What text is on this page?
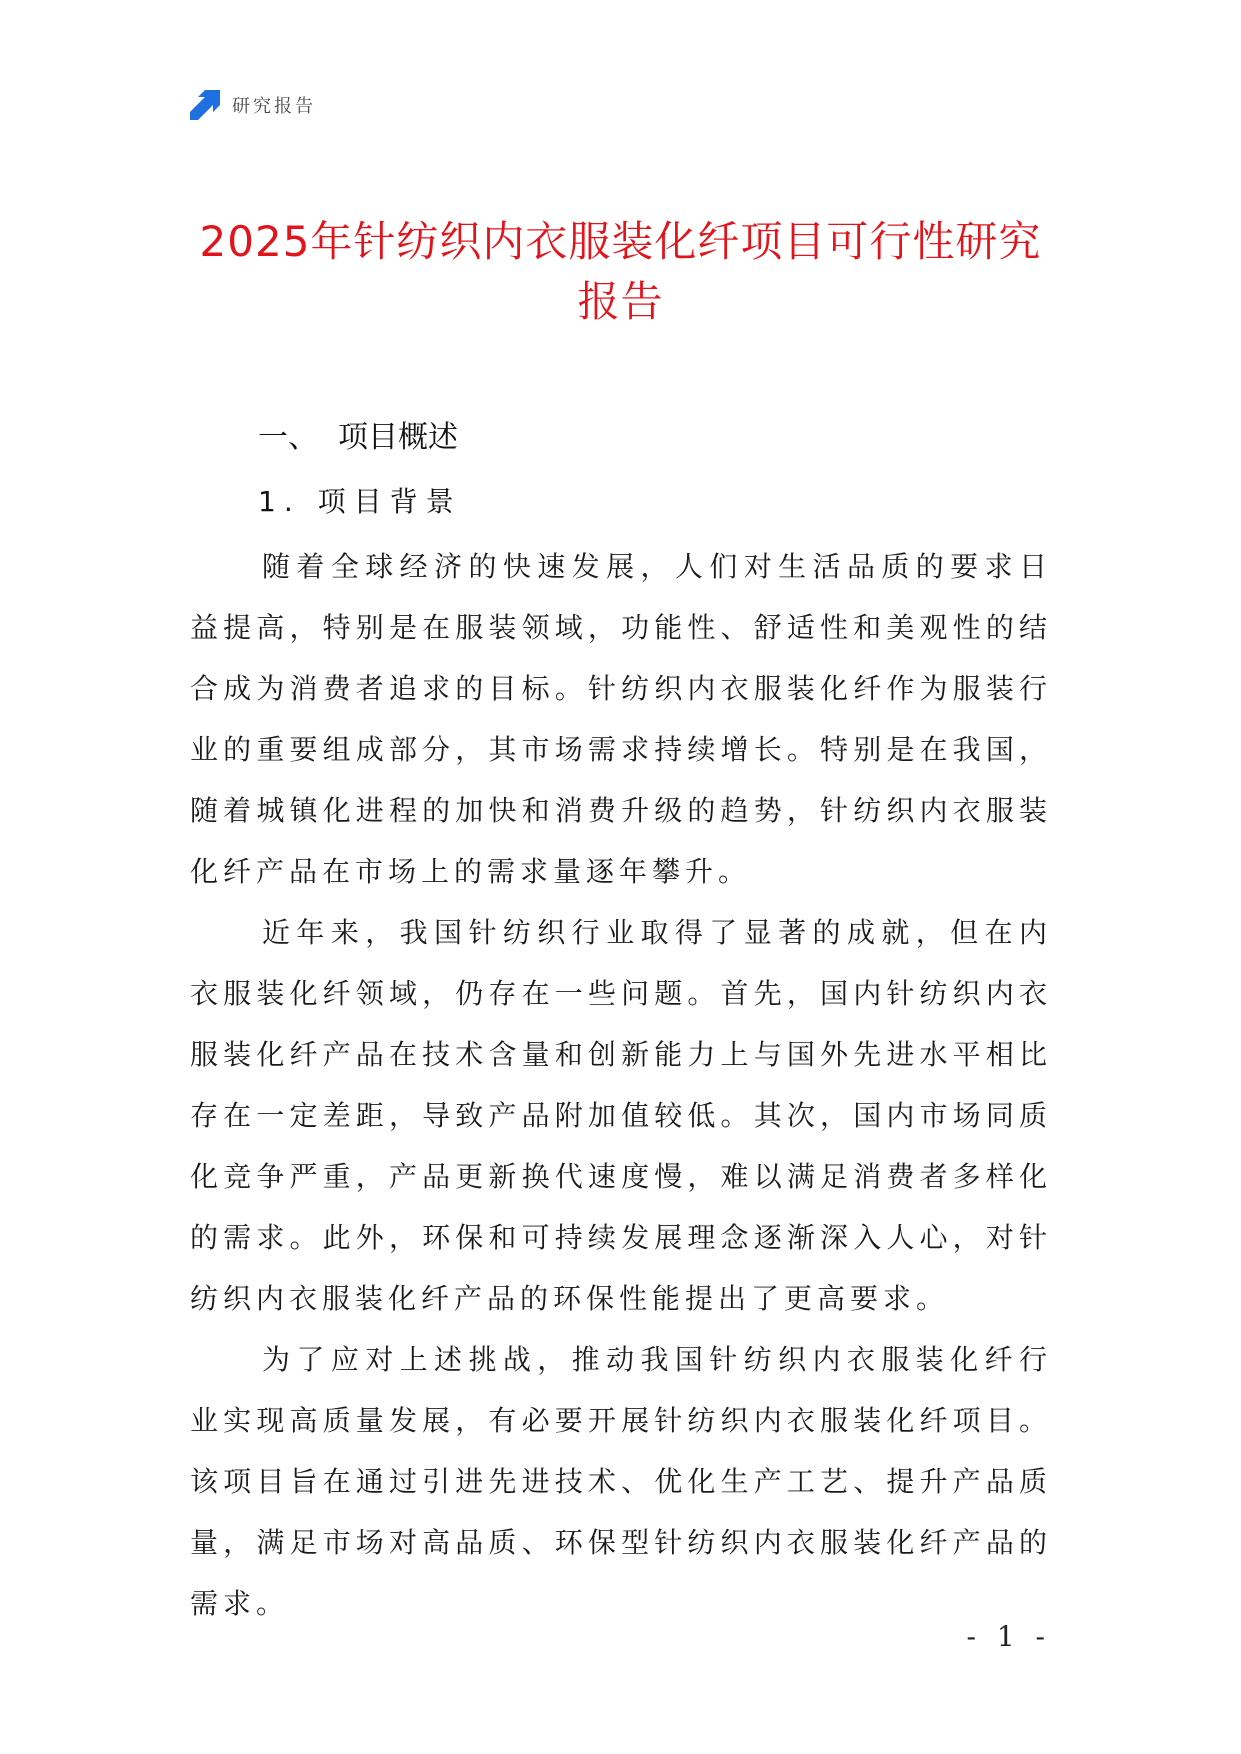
研究报告
2025年针纺织内衣服装化纤项目可行性研究报告
一、 项目概述
1. 项目背景

随着全球经济的快速发展，人们对生活品质的要求日益提高，特别是在服装领域，功能性、舒适性和美观性的结合成为消费者追求的目标。针纺织内衣服装化纤作为服装行业的重要组成部分，其市场需求持续增长。特别是在我国，随着城镇化进程的加快和消费升级的趋势，针纺织内衣服装化纤产品在市场上的需求量逐年攀升。

近年来，我国针纺织行业取得了显著的成就，但在内衣服装化纤领域，仍存在一些问题。首先，国内针纺织内衣服装化纤产品在技术含量和创新能力上与国外先进水平相比存在一定差距，导致产品附加值较低。其次，国内市场同质化竞争严重，产品更新换代速度慢，难以满足消费者多样化的需求。此外，环保和可持续发展理念逐渐深入人心，对针纺织内衣服装化纤产品的环保性能提出了更高要求。

为了应对上述挑战，推动我国针纺织内衣服装化纤行业实现高质量发展，有必要开展针纺织内衣服装化纤项目。该项目旨在通过引进先进技术、优化生产工艺、提升产品质量，满足市场对高品质、环保型针纺织内衣服装化纤产品的需求。

- 1 -
